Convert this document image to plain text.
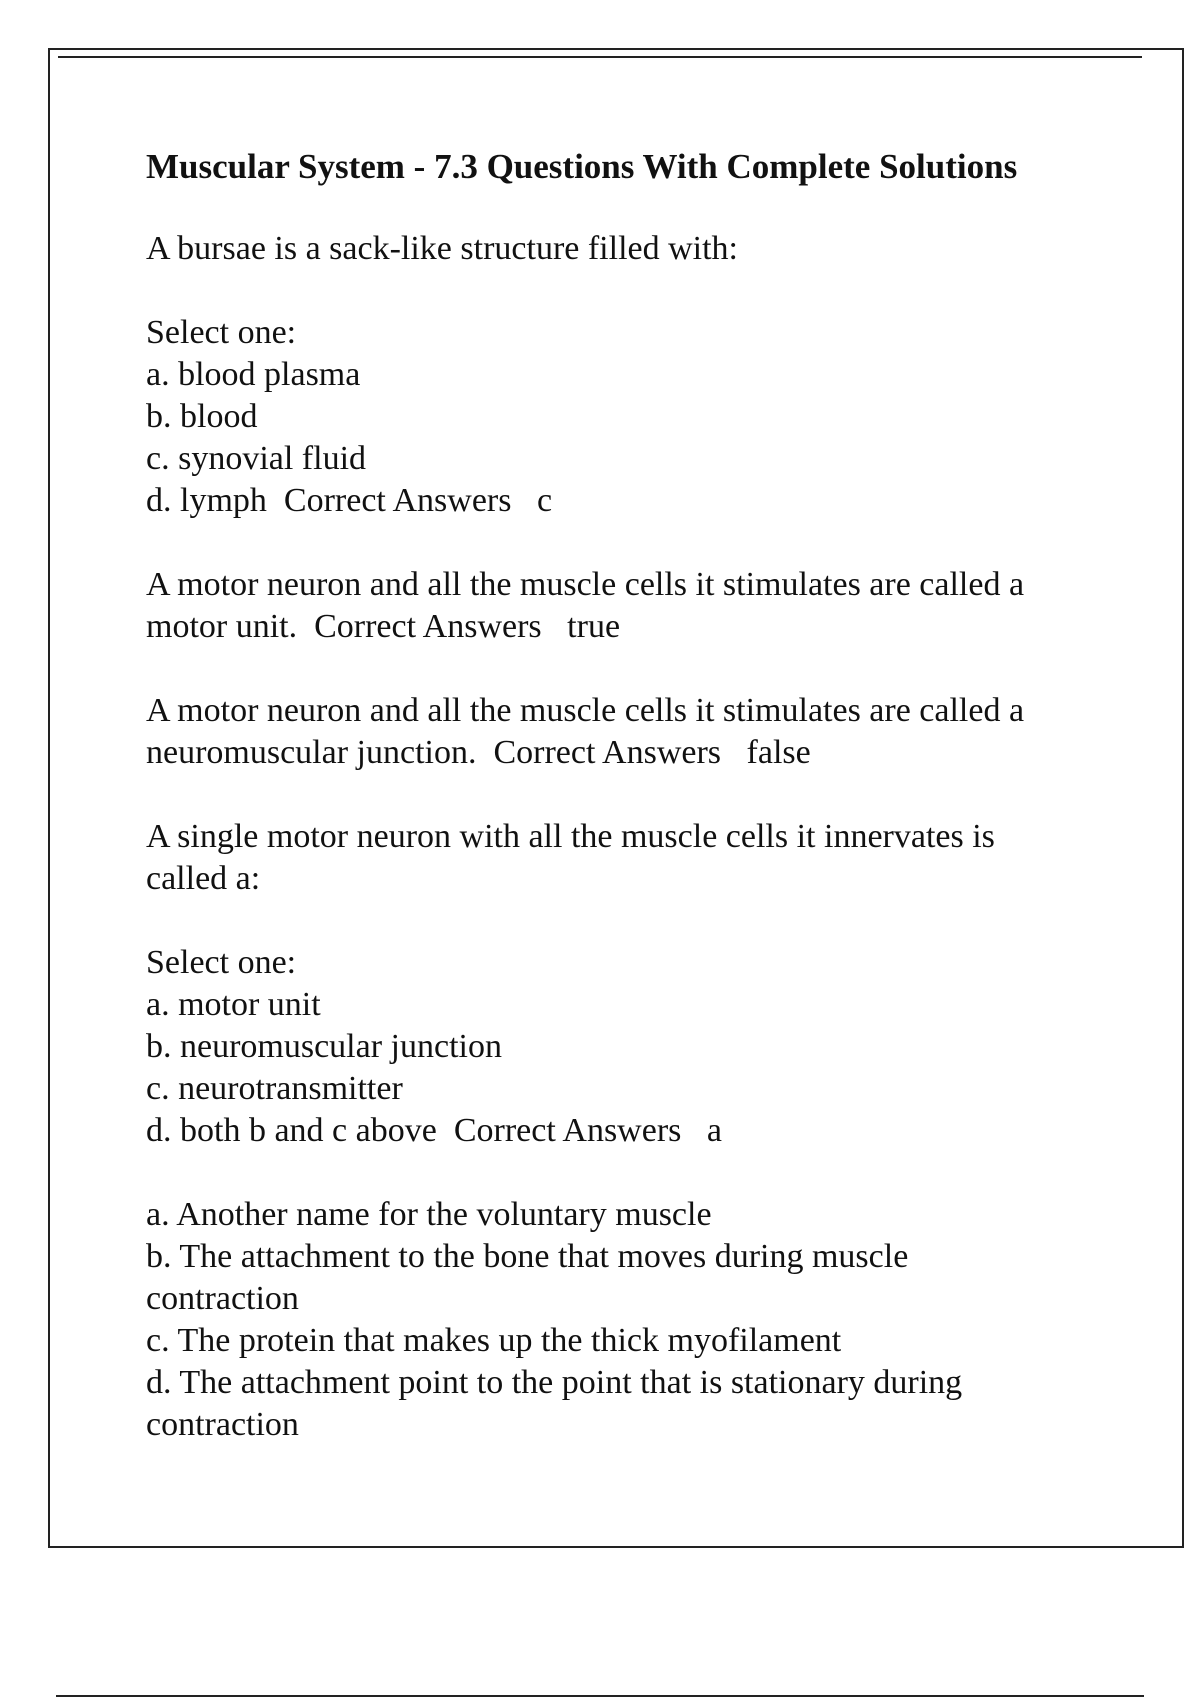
Muscular System - 7.3 Questions With Complete Solutions
A bursae is a sack-like structure filled with:
Select one:
a. blood plasma
b. blood
c. synovial fluid
d. lymph Correct Answers c
A motor neuron and all the muscle cells it stimulates are called a
motor unit. Correct Answers true
A motor neuron and all the muscle cells it stimulates are called a
neuromuscular junction. Correct Answers false
A single motor neuron with all the muscle cells it innervates is
called a:
Select one:
a. motor unit
b. neuromuscular junction
c. neurotransmitter
d. both b and c above Correct Answers a
a. Another name for the voluntary muscle
b. The attachment to the bone that moves during muscle
contraction
c. The protein that makes up the thick myofilament
d. The attachment point to the point that is stationary during
contraction
